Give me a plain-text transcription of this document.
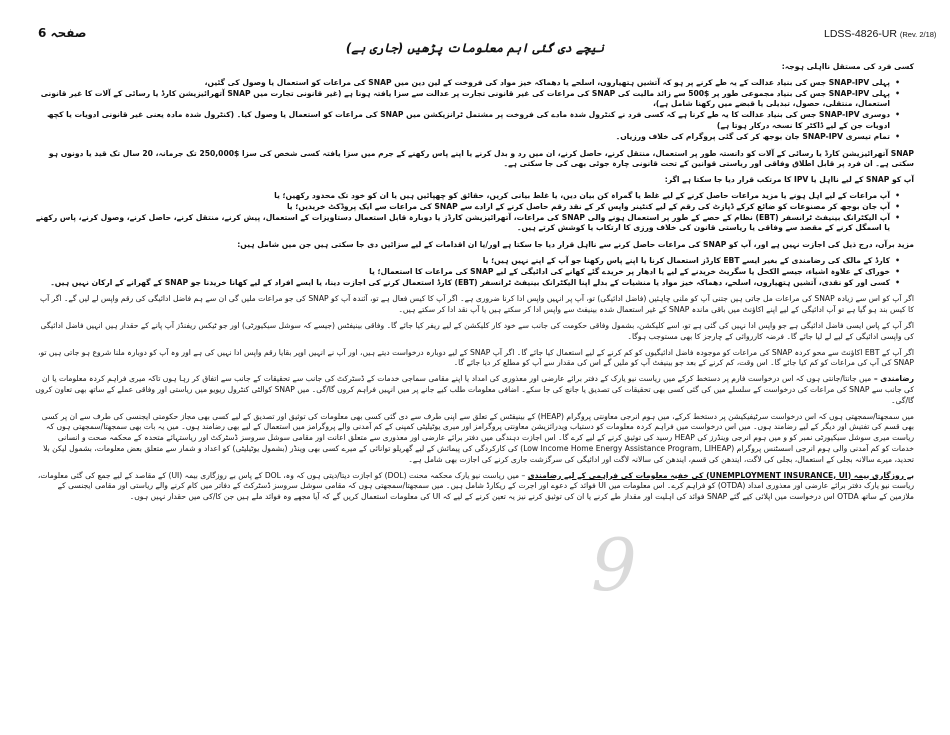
صفحہ 6	LDSS-4826-UR (Rev. 2/18)
نیچے دی گئی اہم معلومات پڑھیں (جاری ہے)

کسی فرد کی مستقل نااہلی ہوجہ:

•
پہلی SNAP-IPV جس کی بنیاد عدالت کے یہ طے کرنے پر ہو کہ آتشیں ہتھیاروں، اسلحے یا دھماکہ خیز مواد کی فروخت کے لین دین میں SNAP کی مراعات کو استعمال یا وصول کی گئیں،
•
پہلی SNAP-IPV جس کی بنیاد مجموعی طور پر $500 سے زائد مالیت کی SNAP کی مراعات کی غیر قانونی تجارت پر عدالت سے سزا یافتہ ہونا ہے (غیر قانونی تجارت میں SNAP آتھرائیزیشن کارڈ یا رسائی کے آلات کا غیر قانونی استعمال، منتقلی، حصول، تبدیلی یا قبضے میں رکھنا شامل ہے)،
•
دوسری SNAP-IPV جس کی بنیاد عدالت کا یہ طے کرنا ہے کہ کسی فرد نے کنٹرول شدہ مادے کی فروخت پر مشتمل ٹرانزیکشن میں SNAP کی مراعات کو استعمال یا وصول کیا۔ (کنٹرول شدہ مادہ یعنی غیر قانونی ادویات یا کچھ ادویات جن کے لیے ڈاکٹر کا نسخہ درکار ہوتا ہے)
•
تمام تیسری SNAP-IPV جان بوجھ کر کی گئی پروگرام کی خلاف ورزیاں۔

SNAP آتھرائیزیشن کارڈ یا رسائی کے آلات کو دانستہ طور پر استعمال، منتقل کرنے، حاصل کرنے، ان میں رد و بدل کرنے یا اپنے پاس رکھنے کے جرم میں سزا یافتہ کسی شخص کی سزا $250,000 تک جرمانہ، 20 سال تک قید یا دونوں ہو سکتی ہے۔ ان فرد پر قابل اطلاق وفاقی اور ریاستی قوانین کے تحت قانونی چارہ جوئی بھی کی جا سکتی ہے۔

آپ کو SNAP کے لیے نااہل یا IPV کا مرتکب قرار دیا جا سکتا ہے اگر:

•
آپ مراعات کے لیے اہل ہونے یا مزید مراعات حاصل کرنے کے لیے غلط یا گمراہ کن بیان دیں، یا غلط بیانی کریں، حقائق کو چھپائیں ہیں یا ان کو خود تک محدود رکھیں؛ یا
•
آپ جان بوجھ کر مصنوعات کو ضائع کرکے ڈپازٹ کی رقم کے لیے کنٹینر واپس کر کے نقد رقم حاصل کرنے کے ارادے سے SNAP کی مراعات سے ایک پروڈکٹ خریدیں؛ یا
•
آپ الیکٹرانک بینیفٹ ٹرانسفر (EBT) نظام کے حصے کے طور پر استعمال ہونے والی SNAP کی مراعات، آتھرائیزیشن کارڈز یا دوبارہ قابل استعمال دستاویزات کے استعمال، پیش کرنے، منتقل کرنے، حاصل کرنے، وصول کرنے، پاس رکھنے یا اسمگل کرنے کے مقصد سے وفاقی یا ریاستی قانون کی خلاف ورزی کا ارتکاب یا کوشش کرتے ہیں۔

مزید برآں، درج ذیل کی اجازت نہیں ہے اور، آپ کو SNAP کی مراعات حاصل کرنے سے نااہل قرار دیا جا سکتا ہے اور/یا ان اقدامات کے لیے سزائیں دی جا سکتی ہیں جن میں شامل ہیں:

•
کارڈ کے مالک کی رضامندی کے بغیر ایسے EBT کارڈز استعمال کرنا یا اپنے پاس رکھنا جو آپ کے اپنے نہیں ہیں؛ یا
•
خوراک کے علاوہ اشیاء، جیسے الکحل یا سگریٹ خریدنے کے لیے یا ادھار پر خریدے گئے کھانے کی ادائیگی کے لیے SNAP کی مراعات کا استعمال؛ یا
•
کسی اور کو نقدی، آتشیں ہتھیاروں، اسلحے، دھماکہ خیز مواد یا منشیات کے بدلے اپنا الیکٹرانک بینیفٹ ٹرانسفر (EBT) کارڈ استعمال کرنے کی اجازت دینا، یا ایسے افراد کے لیے کھانا خریدنا جو SNAP کے گھرانے کے ارکان نہیں ہیں۔

اگر آپ کو اس سے زیادہ SNAP کی مراعات مل جاتی ہیں جتنی آپ کو ملنی چاہئیں (فاضل ادائیگی) تو، آپ پر انہیں واپس ادا کرنا ضروری ہے۔ اگر آپ کا کیس فعال ہے تو، آئندہ آپ کو SNAP کی جو مراعات ملیں گی ان سے ہم فاضل ادائیگی کی رقم واپس لے لیں گے۔ اگر آپ کا کیس بند ہو گیا ہے تو آپ ادائیگی کے لیے اپنے اکاؤنٹ میں باقی ماندہ SNAP کے غیر استعمال شدہ بینیفٹ سے واپس ادا کر سکتے ہیں یا آپ نقد ادا کر سکتے ہیں۔

اگر آپ کے پاس ایسی فاضل ادائیگی ہے جو واپس ادا نہیں کی گئی ہے تو، اسے کلیکشن، بشمول وفاقی حکومت کی جانب سے خود کار کلیکشن کے لیے ریفر کیا جائے گا۔ وفاقی بینیفٹس (جیسے کہ سوشل سیکیورٹی) اور جو ٹیکس ریفنڈز آپ پانے کے حقدار ہیں انہیں فاضل ادائیگی کی واپسی ادائیگی کے لیے لے لیا جائے گا۔ فرضہ کارروائی کے چارجز کا بھی مستوجب ہوگا۔

اگر آپ کے EBT اکاؤنٹ سے محو کردہ SNAP کی مراعات کو موجودہ فاضل ادائیگیوں کو کم کرنے کے لیے استعمال کیا جائے گا۔ اگر آپ SNAP کے لیے دوبارہ درخواست دیتے ہیں، اور آپ نے انہیں اوپر بقایا رقم واپس ادا نہیں کی ہے اور وہ آپ کو دوبارہ ملنا شروع ہو جاتی ہیں تو، SNAP کی آپ کی مراعات کو کم کیا جائے گا۔ اس وقت، کم کرنے کے بعد جو بینیفٹ آپ کو ملیں گے اس کی مقدار سے آپ کو مطلع کر دیا جائے گا۔

رضامندی – میں جانتا/جانتی ہوں کہ اس درخواست فارم پر دستخط کرکے میں ریاست نیو یارک کے دفتر برائے عارضی اور معذوری کی امداد یا اپنے مقامی سماجی خدمات کے ڈسٹرکٹ کی جانب سے تحقیقات کے جانب سے اتفاق کر رہا ہوں تاکہ میری فراہم کردہ معلومات یا ان کی جانب سے SNAP کی مراعات کی درخواست کے سلسلے میں کی گئی کسی بھی تحقیقات کی تصدیق یا جانچ کی جا سکے۔ اضافی معلومات طلب کیے جانے پر میں انہیں فراہم کروں گا/گی۔ میں SNAP کوالٹی کنٹرول ریویو میں ریاستی اور وفاقی عملے کے ساتھ بھی تعاون کروں گا/گی۔

میں سمجھتا/سمجھتی ہوں کہ اس درخواست سرٹیفیکیشن پر دستخط کرکے، میں ہوم انرجی معاونتی پروگرام (HEAP) کے بینیفٹس کے تعلق سے اپنی طرف سے دی گئی کسی بھی معلومات کی توثیق اور تصدیق کے لیے کسی بھی مجاز حکومتی ایجنسی کی طرف سے ان پر کسی بھی قسم کی تفتیش اور دیگر کے لیے رضامند ہوں۔ میں اس درخواست میں فراہم کردہ معلومات کو دستیاب ویدرائزیشن معاونتی پروگرامز اور میری یوٹیلیٹی کمپنی کے کم آمدنی والے پروگرامز میں استعمال کے لیے بھی رضامند ہوں۔ میں یہ بات بھی سمجھتا/سمجھتی ہوں کہ ریاست میری سوشل سیکیورٹی نمبر کو و میں ہوم انرجی وینڈرز کی HEAP رسید کی توثیق کرنے کے لیے کرے گا۔ اس اجازت دہندگی میں دفتر برائے عارضی اور معذوری سے متعلق اعانت اور مقامی سوشل سروسز ڈسٹرکٹ اور ریاستہائے متحدہ کے محکمہ صحت و انسانی خدمات کو کم آمدنی والی ہوم انرجی اسسٹنس پروگرام (Low Income Home Energy Assistance Program, LIHEAP) کی کارکردگی کی پیمائش کے لیے گھریلو توانائی کے میرے کسی بھی وینڈر (بشمول یوٹیلیٹی) کو اعداد و شمار سے متعلق بعض معلومات، بشمول لیکن بلا تحدید، میرے سالانہ بجلی کے استعمال، بجلی کی لاگت، ایندھن کی قسم، ایندھن کی سالانہ لاگت اور ادائیگی کی سرگزشت جاری کرنے کی اجازت بھی شامل ہے۔

بے روزگاری بیمہ (UNEMPLOYMENT INSURANCE, UI) کی خفیہ معلومات کی فراہمی کے لیے رضامندی – میں ریاست نیو یارک محکمہ محنت (DOL) کو اجازت دیتا/دیتی ہوں کہ وہ، DOL کے پاس بے روزگاری بیمہ (UI) کے مقاصد کے لیے جمع کی گئی معلومات، ریاست نیو یارک دفتر برائے عارضی اور معذوری امداد (OTDA) کو فراہم کرے۔ اس معلومات میں UI فوائد کے دعوے اور اجرت کے ریکارڈ شامل ہیں۔ میں سمجھتا/سمجھتی ہوں کہ مقامی سوشل سروسز ڈسٹرکٹ کے دفاتر میں کام کرنے والے ریاستی اور مقامی ایجنسی کے ملازمین کے ساتھ OTDA اس درخواست میں اپلائی کیے گئے SNAP فوائد کی اہلیت اور مقدار طے کرنے یا ان کی توثیق کرنے نیز یہ تعین کرنے کے لیے کہ UI کی معلومات استعمال کریں گے کہ آیا مجھے وہ فوائد ملے ہیں جن کا/کی میں حقدار نہیں ہوں۔

9
